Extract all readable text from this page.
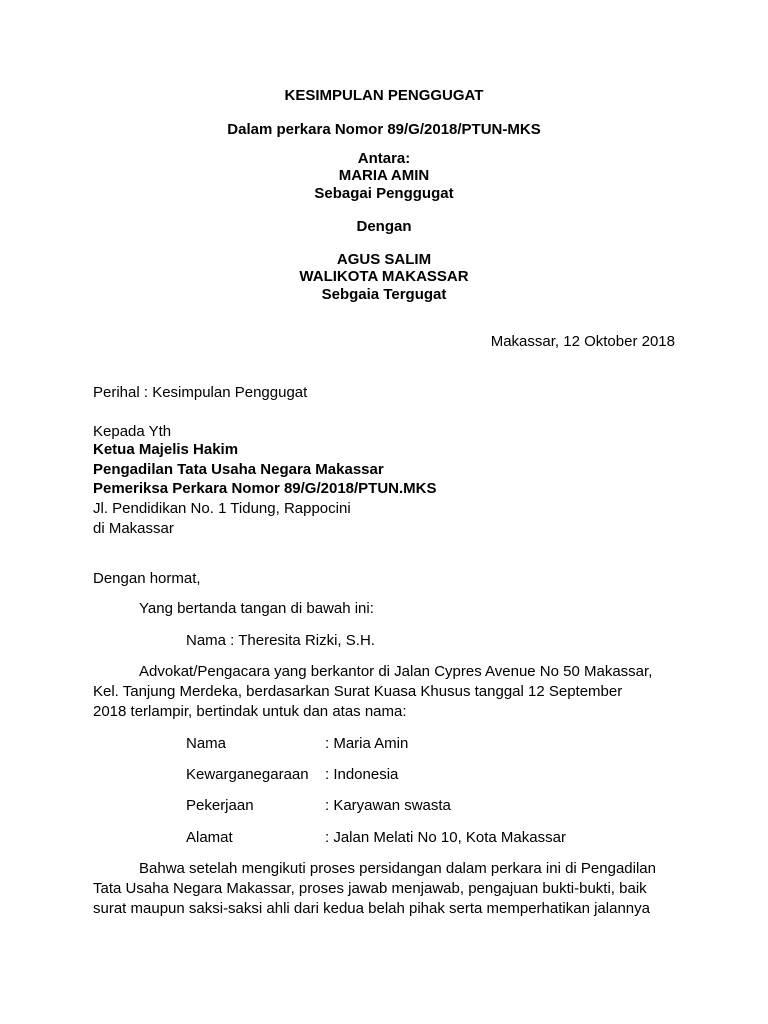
KESIMPULAN PENGGUGAT
Dalam perkara Nomor 89/G/2018/PTUN-MKS
Antara:
MARIA AMIN
Sebagai Penggugat
Dengan
AGUS SALIM
WALIKOTA MAKASSAR
Sebgaia Tergugat
Makassar, 12 Oktober 2018
Perihal : Kesimpulan Penggugat
Kepada Yth
Ketua Majelis Hakim
Pengadilan Tata Usaha Negara Makassar
Pemeriksa Perkara Nomor 89/G/2018/PTUN.MKS
Jl. Pendidikan No. 1 Tidung, Rappocini
di Makassar
Dengan hormat,
Yang bertanda tangan di bawah ini:
Nama : Theresita Rizki, S.H.
Advokat/Pengacara yang berkantor di Jalan Cypres Avenue No 50 Makassar,
Kel. Tanjung Merdeka, berdasarkan Surat Kuasa Khusus tanggal 12 September
2018 terlampir, bertindak untuk dan atas nama:
Nama	: Maria Amin
Kewarganegaraan : Indonesia
Pekerjaan	: Karyawan swasta
Alamat	: Jalan Melati No 10, Kota Makassar
Bahwa setelah mengikuti proses persidangan dalam perkara ini di Pengadilan
Tata Usaha Negara Makassar, proses jawab menjawab, pengajuan bukti-bukti, baik
surat maupun saksi-saksi ahli dari kedua belah pihak serta memperhatikan jalannya
